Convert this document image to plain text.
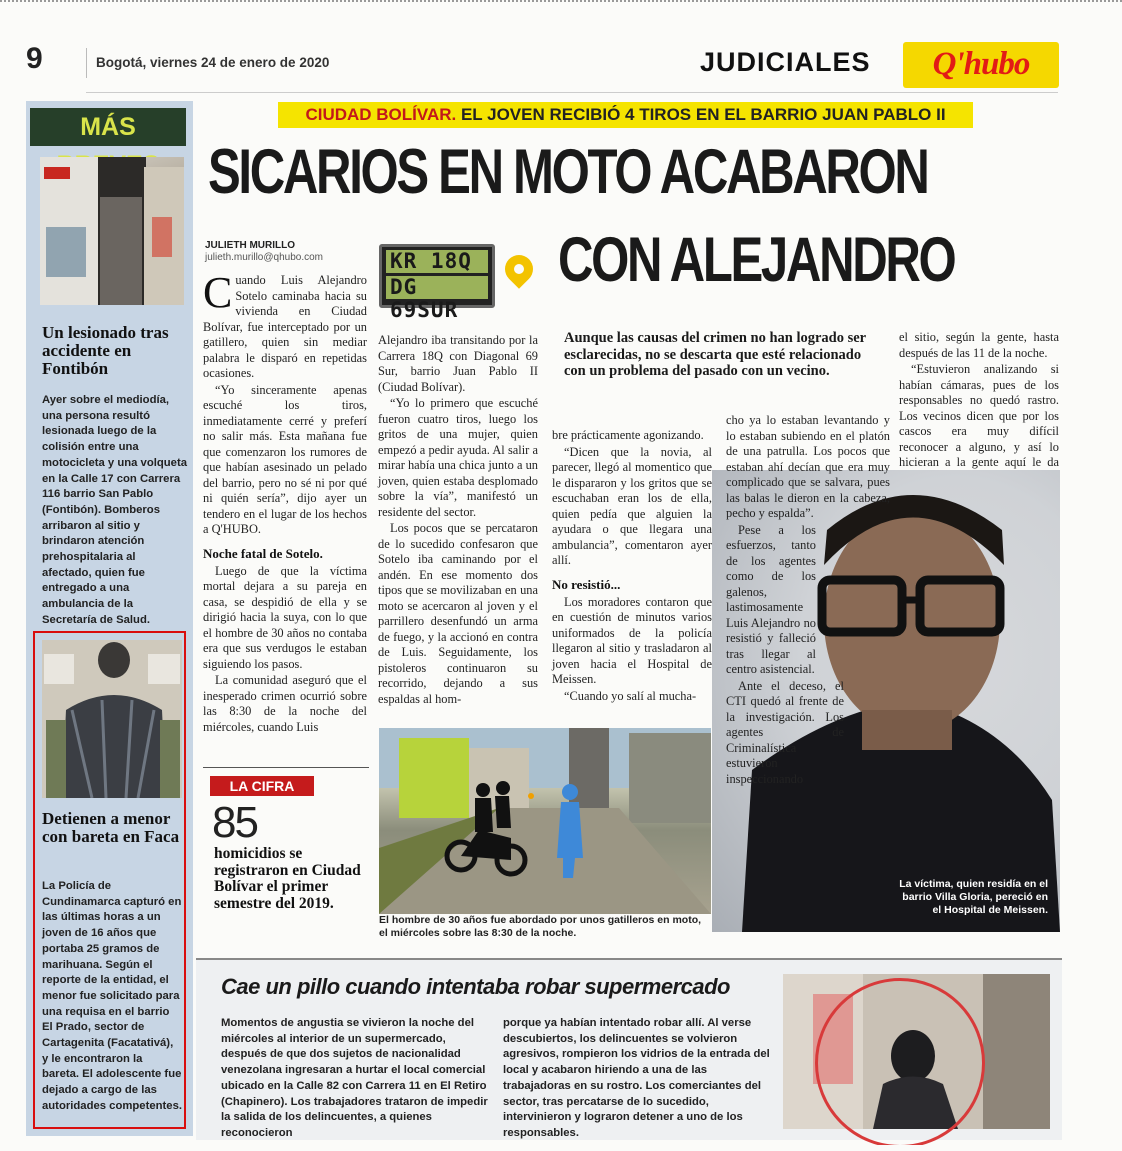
9	Bogotá, viernes 24 de enero de 2020	JUDICIALES	Q'hubo
MÁS
Un lesionado tras accidente en Fontibón
Ayer sobre el mediodía, una persona resultó lesionada luego de la colisión entre una motocicleta y una volqueta en la Calle 17 con Carrera 116 barrio San Pablo (Fontibón). Bomberos arribaron al sitio y brindaron atención prehospitalaria al afectado, quien fue entregado a una ambulancia de la Secretaría de Salud.
Detienen a menor con bareta en Faca
La Policía de Cundinamarca capturó en las últimas horas a un joven de 16 años que portaba 25 gramos de marihuana. Según el reporte de la entidad, el menor fue solicitado para una requisa en el barrio El Prado, sector de Cartagenita (Facatativá), y le encontraron la bareta. El adolescente fue dejado a cargo de las autoridades competentes.
CIUDAD BOLÍVAR. EL JOVEN RECIBIÓ 4 TIROS EN EL BARRIO JUAN PABLO II
SICARIOS EN MOTO ACABARON
CON ALEJANDRO
JULIETH MURILLO
julieth.murillo@qhubo.com	KR 18Q
DG 69SUR
C uando Luis Alejandro Sotelo caminaba hacia su vivienda en Ciudad Bolívar, fue interceptado por un gatillero, quien sin mediar palabra le disparó en repetidas ocasiones.

“Yo sinceramente apenas escuché los tiros, inmediatamente cerré y preferí no salir más. Esta mañana fue que comenzaron los rumores de que habían asesinado un pelado del barrio, pero no sé ni por qué ni quién sería”, dijo ayer un tendero en el lugar de los hechos a Q'HUBO.

Noche fatal de Sotelo.

Luego de que la víctima mortal dejara a su pareja en casa, se despidió de ella y se dirigió hacia la suya, con lo que el hombre de 30 años no contaba era que sus verdugos le estaban siguiendo los pasos.

La comunidad aseguró que el inesperado crimen ocurrió sobre las 8:30 de la noche del miércoles, cuando Luis

Alejandro iba transitando por la Carrera 18Q con Diagonal 69 Sur, barrio Juan Pablo II (Ciudad Bolívar).

“Yo lo primero que escuché fueron cuatro tiros, luego los gritos de una mujer, quien empezó a pedir ayuda. Al salir a mirar había una chica junto a un joven, quien estaba desplomado sobre la vía”, manifestó un residente del sector.

Los pocos que se percataron de lo sucedido confesaron que Sotelo iba caminando por el andén. En ese momento dos tipos que se movilizaban en una moto se acercaron al joven y el parrillero desenfundó un arma de fuego, y la accionó en contra de Luis. Seguidamente, los pistoleros continuaron su recorrido, dejando a sus espaldas al hom-

Aunque las causas del crimen no han logrado ser esclarecidas, no se descarta que esté relacionado con un problema del pasado con un vecino.

bre prácticamente agonizando.

“Dicen que la novia, al parecer, llegó al momentico que le dispararon y los gritos que se escuchaban eran los de ella, quien pedía que alguien la ayudara o que llegara una ambulancia”, comentaron ayer allí.

No resistió...

Los moradores contaron que en cuestión de minutos varios uniformados de la policía llegaron al sitio y trasladaron al joven hacia el Hospital de Meissen.

“Cuando yo salí al mucha-

el sitio, según la gente, hasta después de las 11 de la noche.

“Estuvieron analizando si habían cámaras, pues de los responsables no quedó rastro. Los vecinos dicen que por los cascos era muy difícil reconocer a alguno, y así lo hicieran a la gente aquí le da

cho ya lo estaban levantando y lo estaban subiendo en el platón de una patrulla. Los pocos que estaban ahí decían que era muy complicado que se salvara, pues las balas le dieron en la cabeza, pecho y espalda”.

Pese a los esfuerzos, tanto de los agentes como de los galenos, lastimosamente Luis Alejandro no resistió y falleció tras llegar al centro asistencial.

Ante el deceso, el CTI quedó al frente de la investigación. Los agentes de Criminalística estuvieron inspeccionando

La víctima, quien residía en el barrio Villa Gloria, pereció en el Hospital de Meissen.
El hombre de 30 años fue abordado por unos gatilleros en moto, el miércoles sobre las 8:30 de la noche.
LA CIFRA
85
homicidios se registraron en Ciudad Bolívar el primer semestre del 2019.
Cae un pillo cuando intentaba robar supermercado
Momentos de angustia se vivieron la noche del miércoles al interior de un supermercado, después de que dos sujetos de nacionalidad venezolana ingresaran a hurtar el local comercial ubicado en la Calle 82 con Carrera 11 en El Retiro (Chapinero). Los trabajadores trataron de impedir la salida de los delincuentes, a quienes reconocieron
porque ya habían intentado robar allí. Al verse descubiertos, los delincuentes se volvieron agresivos, rompieron los vidrios de la entrada del local y acabaron hiriendo a una de las trabajadoras en su rostro. Los comerciantes del sector, tras percatarse de lo sucedido, intervinieron y lograron detener a uno de los responsables.
